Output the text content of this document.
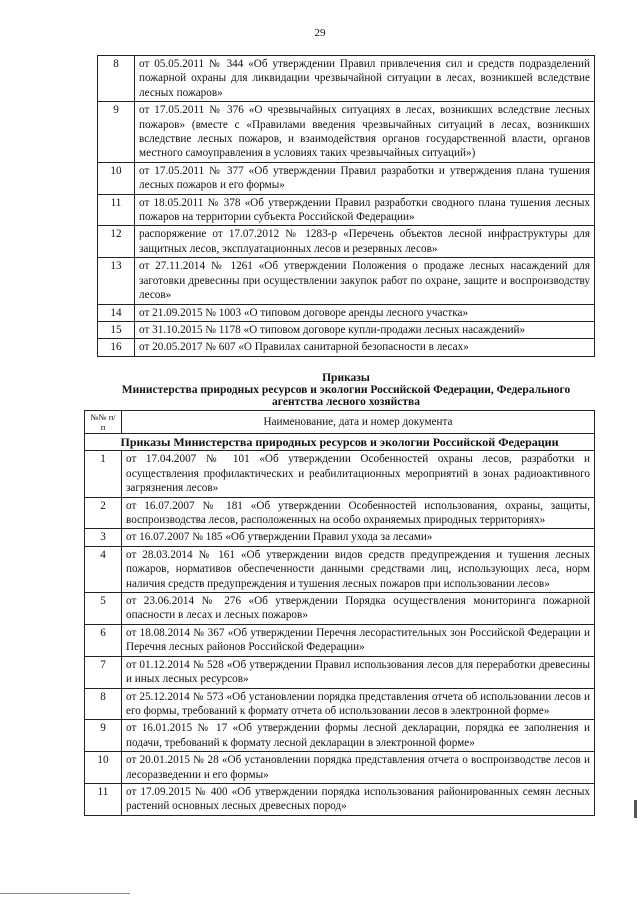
29
8	от 05.05.2011 № 344 «Об утверждении Правил привлечения сил и средств подразделений пожарной охраны для ликвидации чрезвычайной ситуации в лесах, возникшей вследствие лесных пожаров»
9	от 17.05.2011 № 376 «О чрезвычайных ситуациях в лесах, возникших вследствие лесных пожаров» (вместе с «Правилами введения чрезвычайных ситуаций в лесах, возникших вследствие лесных пожаров, и взаимодействия органов государственной власти, органов местного самоуправления в условиях таких чрезвычайных ситуаций»)
10	от 17.05.2011 № 377 «Об утверждении Правил разработки и утверждения плана тушения лесных пожаров и его формы»
11	от 18.05.2011 № 378 «Об утверждении Правил разработки сводного плана тушения лесных пожаров на территории субъекта Российской Федерации»
12	распоряжение от 17.07.2012 № 1283-р «Перечень объектов лесной инфраструктуры для защитных лесов, эксплуатационных лесов и резервных лесов»
13	от 27.11.2014 № 1261 «Об утверждении Положения о продаже лесных насаждений для заготовки древесины при осуществлении закупок работ по охране, защите и воспроизводству лесов»
14	от 21.09.2015 № 1003 «О типовом договоре аренды лесного участка»
15	от 31.10.2015 № 1178 «О типовом договоре купли-продажи лесных насаждений»
16	от 20.05.2017 № 607 «О Правилах санитарной безопасности в лесах»
Приказы
Министерства природных ресурсов и экологии Российской Федерации, Федерального
агентства лесного хозяйства
№№ п/п	Наименование, дата и номер документа
Приказы Министерства природных ресурсов и экологии Российской Федерации	
1	от 17.04.2007 № 101 «Об утверждении Особенностей охраны лесов, разработки и осуществления профилактических и реабилитационных мероприятий в зонах радиоактивного загрязнения лесов»
2	от 16.07.2007 № 181 «Об утверждении Особенностей использования, охраны, защиты, воспроизводства лесов, расположенных на особо охраняемых природных территориях»
3	от 16.07.2007 № 185 «Об утверждении Правил ухода за лесами»
4	от 28.03.2014 № 161 «Об утверждении видов средств предупреждения и тушения лесных пожаров, нормативов обеспеченности данными средствами лиц, использующих леса, норм наличия средств предупреждения и тушения лесных пожаров при использовании лесов»
5	от 23.06.2014 № 276 «Об утверждении Порядка осуществления мониторинга пожарной опасности в лесах и лесных пожаров»
6	от 18.08.2014 № 367 «Об утверждении Перечня лесорастительных зон Российской Федерации и Перечня лесных районов Российской Федерации»
7	от 01.12.2014 № 528 «Об утверждении Правил использования лесов для переработки древесины и иных лесных ресурсов»
8	от 25.12.2014 № 573 «Об установлении порядка представления отчета об использовании лесов и его формы, требований к формату отчета об использовании лесов в электронной форме»
9	от 16.01.2015 № 17 «Об утверждении формы лесной декларации, порядка ее заполнения и подачи, требований к формату лесной декларации в электронной форме»
10	от 20.01.2015 № 28 «Об установлении порядка представления отчета о воспроизводстве лесов и лесоразведении и его формы»
11	от 17.09.2015 № 400 «Об утверждении порядка использования районированных семян лесных растений основных лесных древесных пород»
